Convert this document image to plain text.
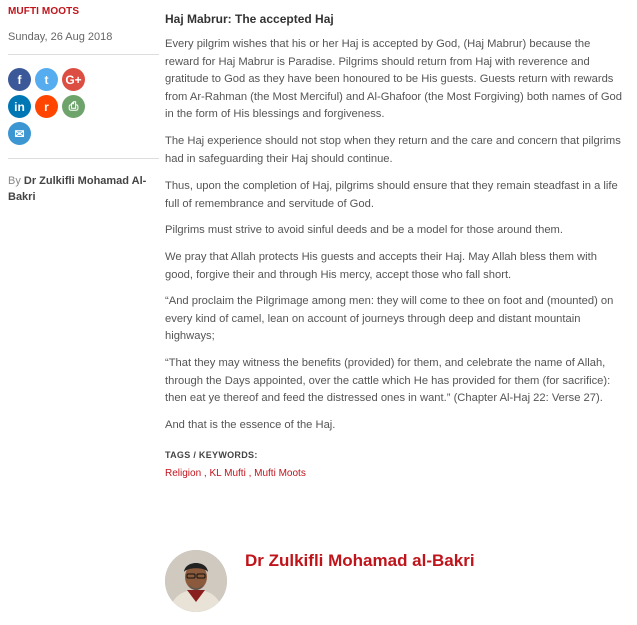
MUFTI MOOTS
Sunday, 26 Aug 2018
f	t	G+
in	r	⎙
✉
By Dr Zulkifli Mohamad Al-Bakri
Haj Mabrur: The accepted Haj

Every pilgrim wishes that his or her Haj is accepted by God, (Haj Mabrur) because the reward for Haj Mabrur is Paradise. Pilgrims should return from Haj with reverence and gratitude to God as they have been honoured to be His guests. Guests return with rewards from Ar-Rahman (the Most Merciful) and Al-Ghafoor (the Most Forgiving) both names of God in the form of His blessings and forgiveness.

The Haj experience should not stop when they return and the care and concern that pilgrims had in safeguarding their Haj should continue.

Thus, upon the completion of Haj, pilgrims should ensure that they remain steadfast in a life full of remembrance and servitude of God.

Pilgrims must strive to avoid sinful deeds and be a model for those around them.

We pray that Allah protects His guests and accepts their Haj. May Allah bless them with good, forgive their and through His mercy, accept those who fall short.

“And proclaim the Pilgrimage among men: they will come to thee on foot and (mounted) on every kind of camel, lean on account of journeys through deep and distant mountain highways;

“That they may witness the benefits (provided) for them, and celebrate the name of Allah, through the Days appointed, over the cattle which He has provided for them (for sacrifice): then eat ye thereof and feed the distressed ones in want.” (Chapter Al-Haj 22: Verse 27).

And that is the essence of the Haj.

TAGS / KEYWORDS:
Religion , KL Mufti , Mufti Moots
Dr Zulkifli Mohamad al-Bakri
